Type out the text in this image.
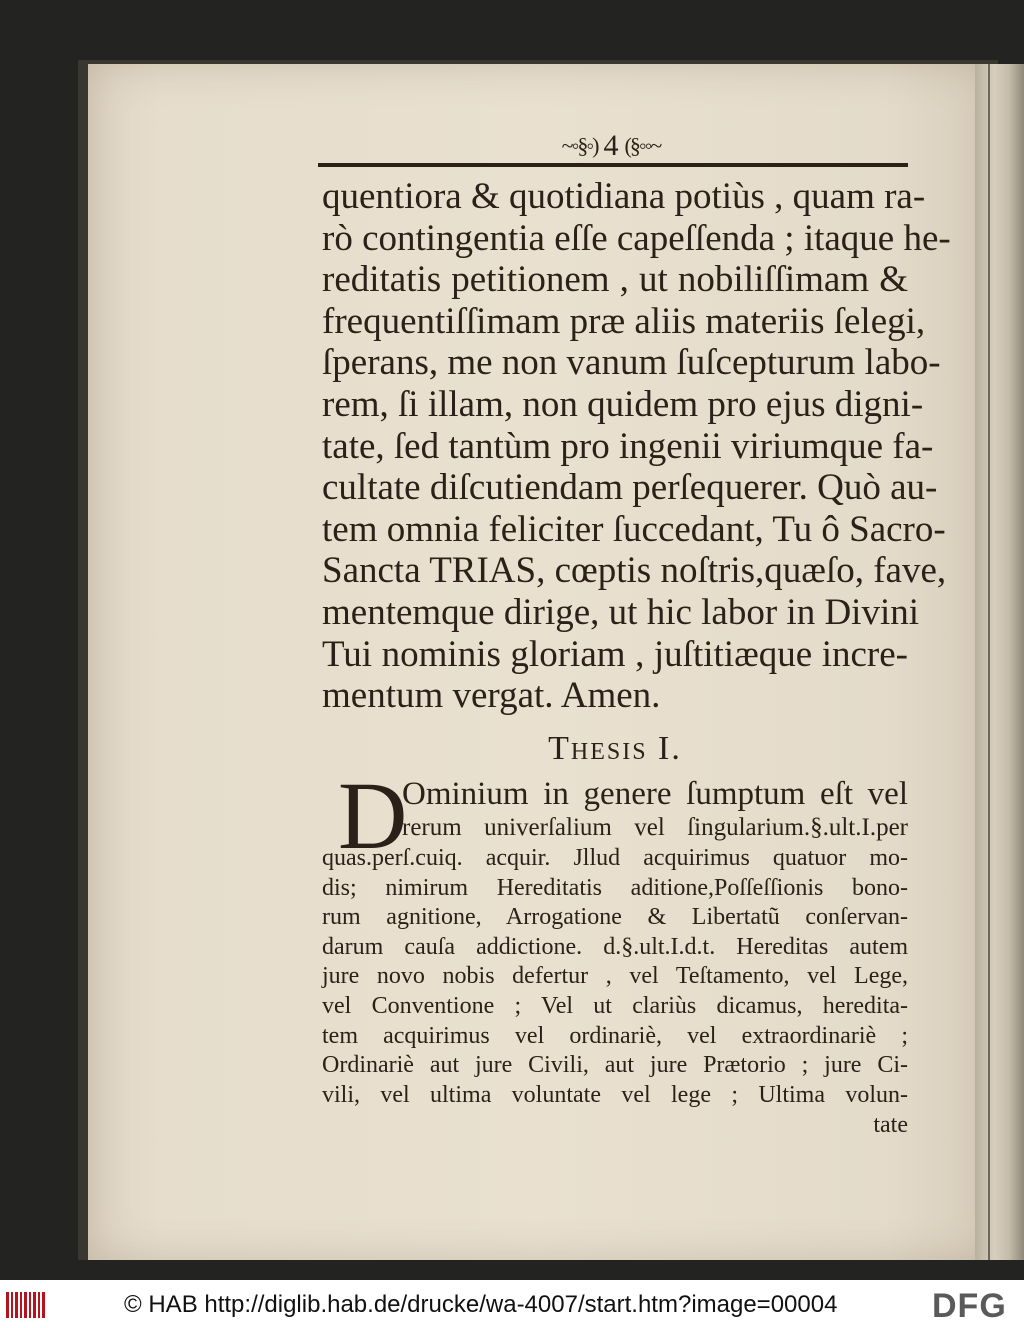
~◦§◦) 4 (§◦◦~
quentiora & quotidiana potiùs , quam ra-
rò contingentia eſſe capeſſenda ; itaque he-
reditatis petitionem , ut nobiliſſimam &
frequentiſſimam præ aliis materiis ſelegi,
ſperans, me non vanum ſuſcepturum labo-
rem, ſi illam, non quidem pro ejus digni-
tate, ſed tantùm pro ingenii viriumque fa-
cultate diſcutiendam perſequerer. Quò au-
tem omnia feliciter ſuccedant, Tu ô Sacro-
Sancta TRIAS, cœptis noſtris,quæſo, fave,
mentemque dirige, ut hic labor in Divini
Tui nominis gloriam , juſtitiæque incre-
mentum vergat. Amen.
Thesis I.
D
Ominium in genere ſumptum eſt vel
rerum univerſalium vel ſingularium.§.ult.I.per
quas.perſ.cuiq. acquir. Jllud acquirimus quatuor mo-
dis; nimirum Hereditatis aditione,Poſſeſſionis bono-
rum agnitione, Arrogatione & Libertatũ conſervan-
darum cauſa addictione. d.§.ult.I.d.t. Hereditas autem
jure novo nobis defertur , vel Teſtamento, vel Lege,
vel Conventione ; Vel ut clariùs dicamus, heredita-
tem acquirimus vel ordinariè, vel extraordinariè ;
Ordinariè aut jure Civili, aut jure Prætorio ; jure Ci-
vili, vel ultima voluntate vel lege ; Ultima volun-
tate
© HAB http://diglib.hab.de/drucke/wa-4007/start.htm?image=00004	DFG
